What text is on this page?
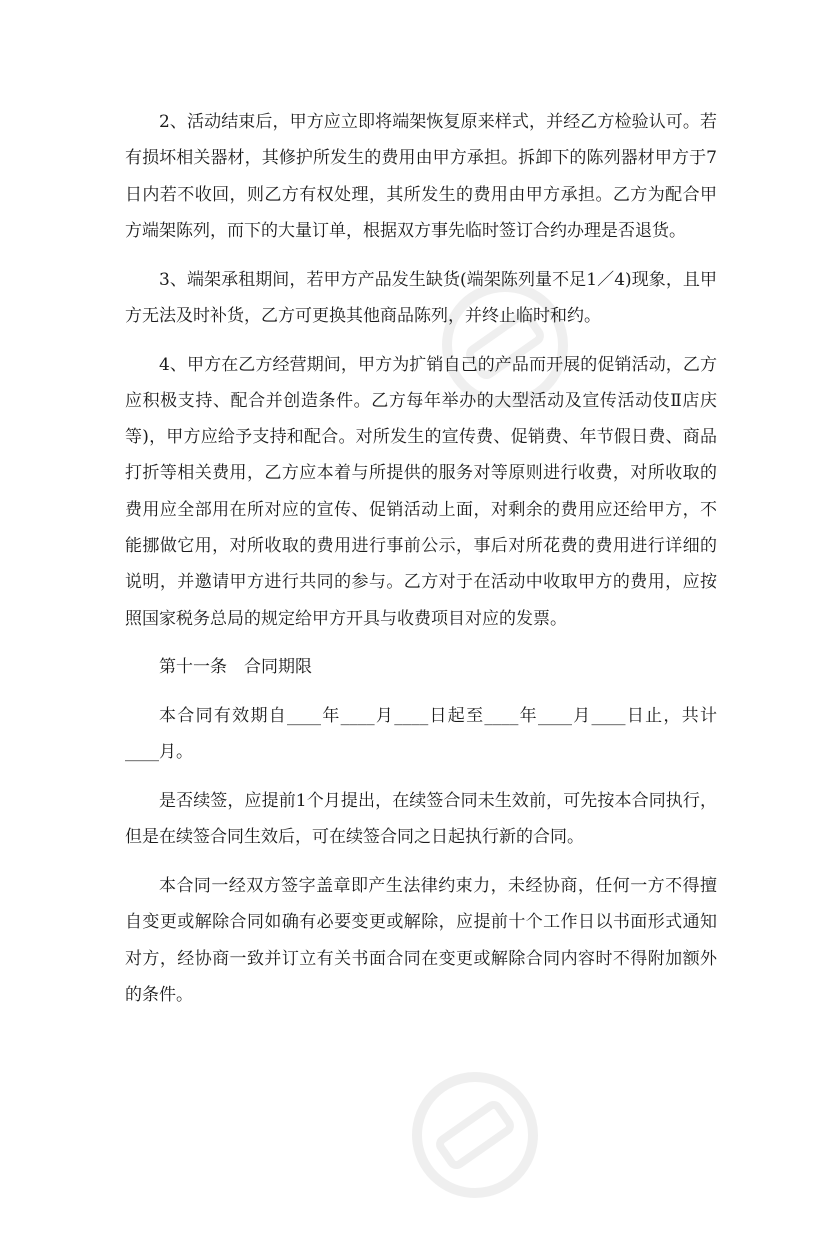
2、活动结束后，甲方应立即将端架恢复原来样式，并经乙方检验认可。若有损坏相关器材，其修护所发生的费用由甲方承担。拆卸下的陈列器材甲方于7日内若不收回，则乙方有权处理，其所发生的费用由甲方承担。乙方为配合甲方端架陈列，而下的大量订单，根据双方事先临时签订合约办理是否退货。

3、端架承租期间，若甲方产品发生缺货(端架陈列量不足1／4)现象，且甲方无法及时补货，乙方可更换其他商品陈列，并终止临时和约。

4、甲方在乙方经营期间，甲方为扩销自己的产品而开展的促销活动，乙方应积极支持、配合并创造条件。乙方每年举办的大型活动及宣传活动伎Ⅱ店庆等)，甲方应给予支持和配合。对所发生的宣传费、促销费、年节假日费、商品打折等相关费用，乙方应本着与所提供的服务对等原则进行收费，对所收取的费用应全部用在所对应的宣传、促销活动上面，对剩余的费用应还给甲方，不能挪做它用，对所收取的费用进行事前公示，事后对所花费的费用进行详细的说明，并邀请甲方进行共同的参与。乙方对于在活动中收取甲方的费用，应按照国家税务总局的规定给甲方开具与收费项目对应的发票。

第十一条　合同期限

本合同有效期自____年____月____日起至____年____月____日止，共计____月。

是否续签，应提前1个月提出，在续签合同未生效前，可先按本合同执行，但是在续签合同生效后，可在续签合同之日起执行新的合同。

本合同一经双方签字盖章即产生法律约束力，未经协商，任何一方不得擅自变更或解除合同如确有必要变更或解除，应提前十个工作日以书面形式通知对方，经协商一致并订立有关书面合同在变更或解除合同内容时不得附加额外的条件。
